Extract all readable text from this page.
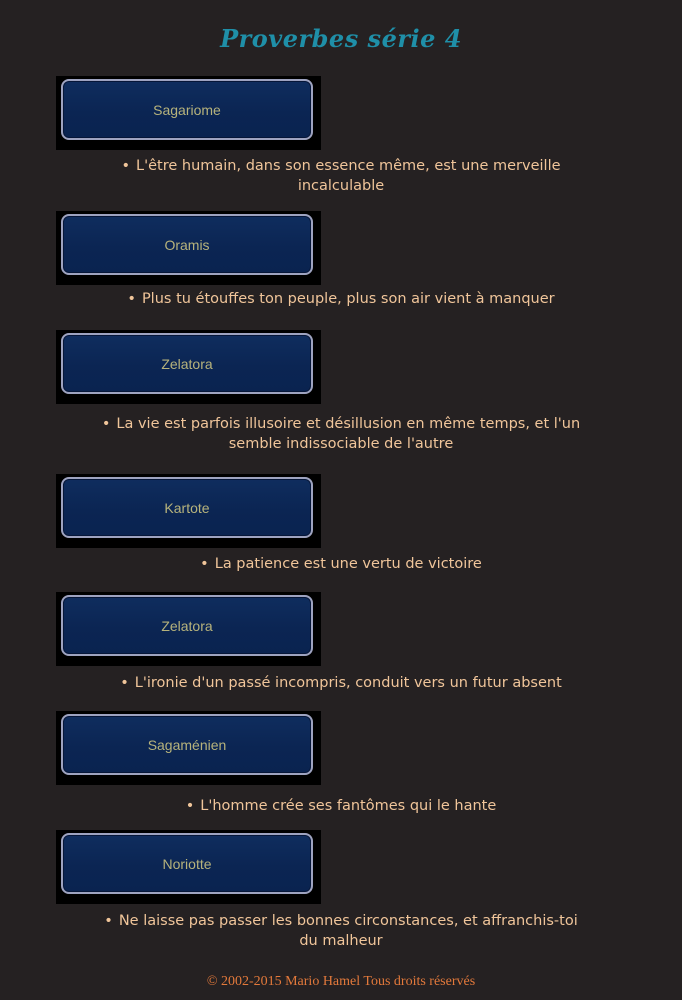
Proverbes série 4
Sagariome
• L'être humain, dans son essence même, est une merveille incalculable
Oramis
• Plus tu étouffes ton peuple, plus son air vient à manquer
Zelatora
• La vie est parfois illusoire et désillusion en même temps, et l'un semble indissociable de l'autre
Kartote
• La patience est une vertu de victoire
Zelatora
• L'ironie d'un passé incompris, conduit vers un futur absent
Sagaménien
• L'homme crée ses fantômes qui le hante
Noriotte
• Ne laisse pas passer les bonnes circonstances, et affranchis-toi du malheur
© 2002-2015 Mario Hamel Tous droits réservés
